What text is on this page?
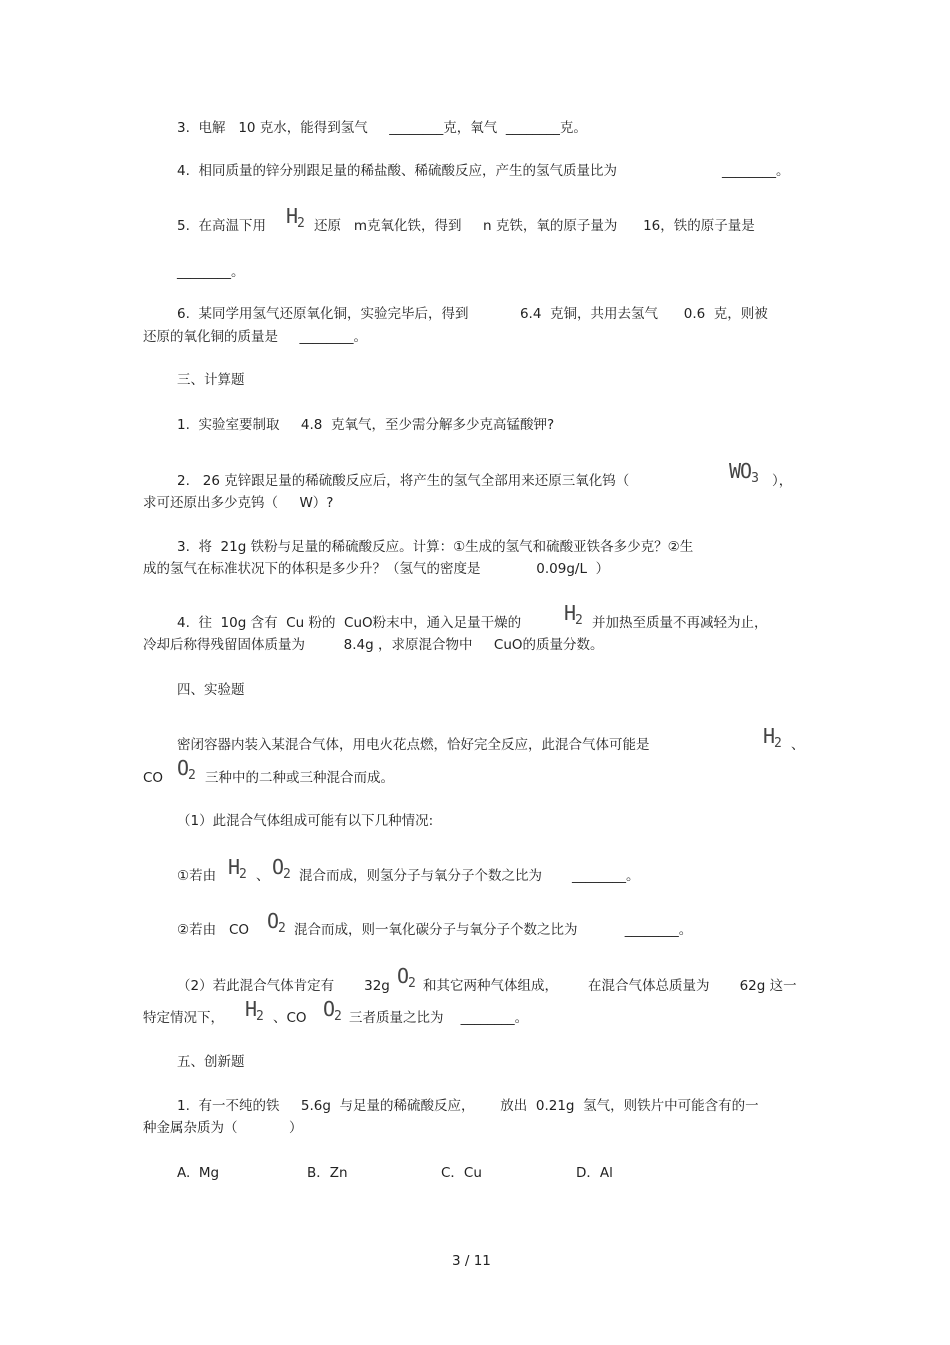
3.  电解   10 克水，能得到氢气     ________克，氧气  ________克。
4.  相同质量的锌分别跟足量的稀盐酸、稀硫酸反应，产生的氢气质量比为	________。
5.  在高温下用 $H_2$ 还原   m克氧化铁，得到     n 克铁，氧的原子量为      16，铁的原子量是
________。
6.  某同学用氢气还原氧化铜，实验完毕后，得到            6.4  克铜，共用去氢气      0.6  克，则被
还原的氧化铜的质量是     ________。
三、计算题
1.  实验室要制取     4.8  克氧气，至少需分解多少克高锰酸钾?
2.   26 克锌跟足量的稀硫酸反应后，将产生的氢气全部用来还原三氧化钨（	$WO_3$ ），
求可还原出多少克钨（     W）?
3.  将  21g 铁粉与足量的稀硫酸反应。计算：①生成的氢气和硫酸亚铁各多少克？②生
成的氢气在标准状况下的体积是多少升？（氢气的密度是             0.09g/L  ）
4.  往  10g 含有  Cu 粉的  CuO粉末中，通入足量干燥的 $H_2$ 并加热至质量不再减轻为止，
冷却后称得残留固体质量为         8.4g ，求原混合物中     CuO的质量分数。
四、实验题
密闭容器内装入某混合气体，用电火花点燃，恰好完全反应，此混合气体可能是	$H_2$ 、
CO $O_2$ 三种中的二种或三种混合而成。
（1）此混合气体组成可能有以下几种情况:
①若由 $H_2$ 、 $O_2$ 混合而成，则氢分子与氧分子个数之比为       ________。
②若由   CO $O_2$ 混合而成，则一氧化碳分子与氧分子个数之比为           ________。
（2）若此混合气体肯定有       32g $O_2$ 和其它两种气体组成，       在混合气体总质量为       62g 这一
特定情况下， $H_2$ 、CO $O_2$ 三者质量之比为    ________。
五、创新题
1.  有一不纯的铁     5.6g  与足量的稀硫酸反应，      放出  0.21g  氢气，则铁片中可能含有的一
种金属杂质为（            ）
A.  Mg	B．Zn	C．Cu	D．Al
3 / 11
